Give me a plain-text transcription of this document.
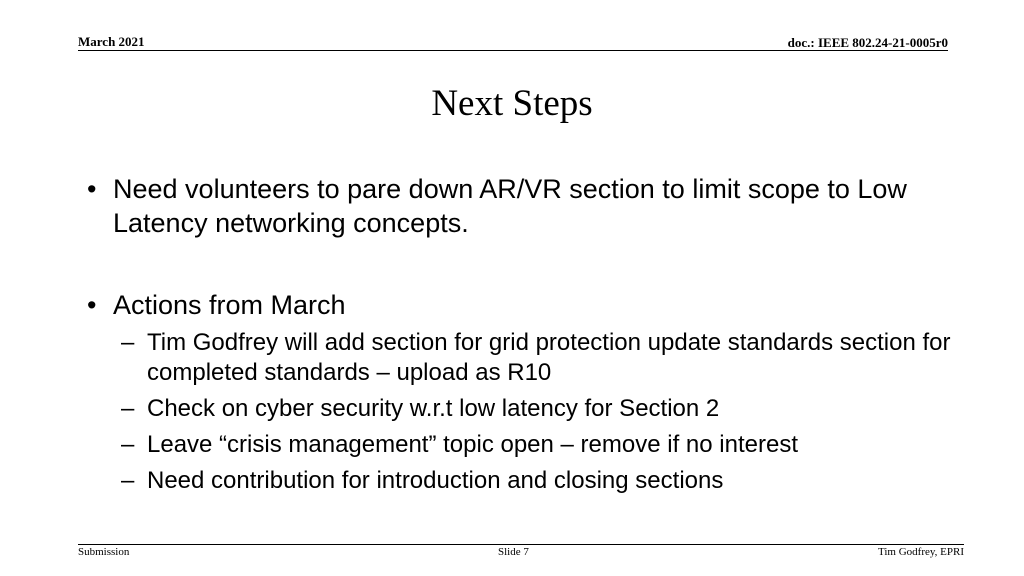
March 2021	doc.: IEEE 802.24-21-0005r0
Next Steps
• Need volunteers to pare down AR/VR section to limit scope to Low Latency networking concepts.
• Actions from March
– Tim Godfrey will add section for grid protection update standards section for completed standards – upload as R10
– Check on cyber security w.r.t low latency for Section 2
– Leave “crisis management” topic open – remove if no interest
– Need contribution for introduction and closing sections
Submission	Slide 7	Tim Godfrey, EPRI
